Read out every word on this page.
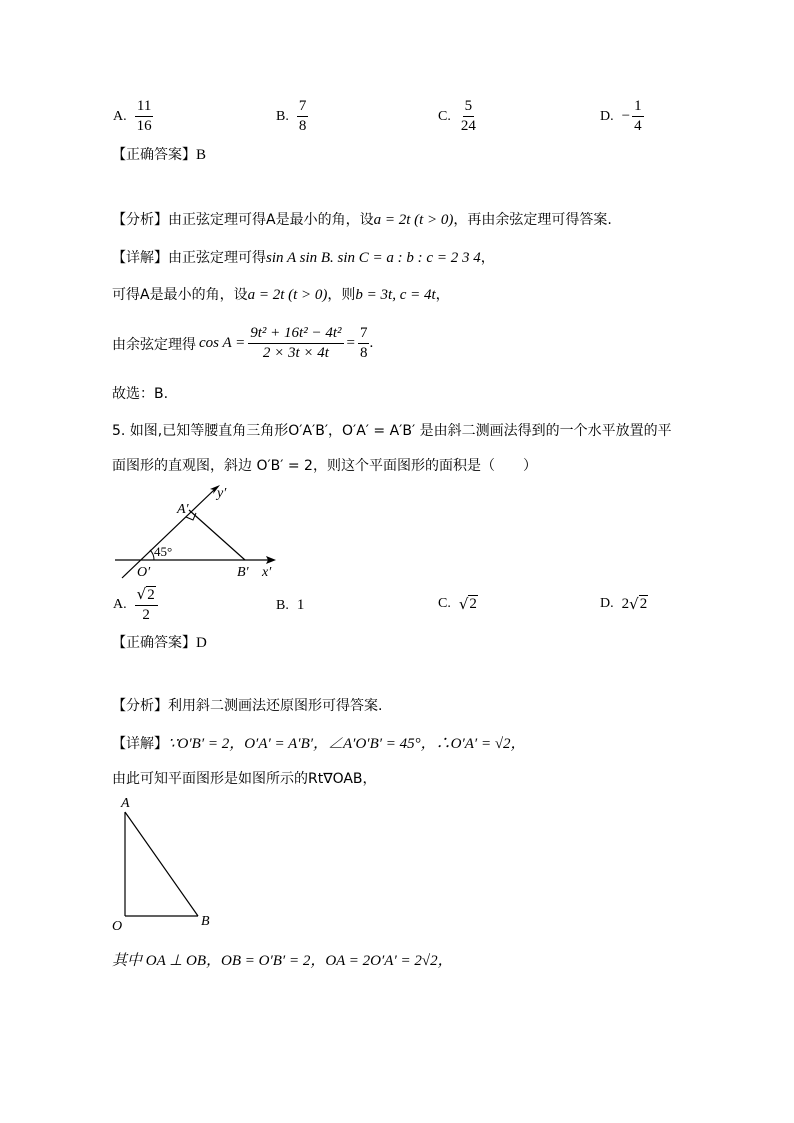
A. $\frac{11}{16}$	B. $\frac{7}{8}$	C. $\frac{5}{24}$	D. − $\frac{1}{4}$
【正确答案】B
【分析】由正弦定理可得A是最小的角，设a = 2t (t > 0)，再由余弦定理可得答案.
【详解】由正弦定理可得sin A sin B. sin C = a : b : c = 2 3 4，
可得A是最小的角，设a = 2t (t > 0)，则b = 3t, c = 4t，
由余弦定理得 $\cos A = \frac{\text{9t² + 16t² − 4t²}}{2 \times 3t \times 4t} = \frac{7}{8}$ .
故选：B.
5. 如图,已知等腰直角三角形O′A′B′，O′A′ = A′B′ 是由斜二测画法得到的一个水平放置的平
面图形的直观图，斜边 O′B′ = 2，则这个平面图形的面积是（　　）
y′
A′
45°
O′	B′ x′
A. $\frac{√ 2}{2}$	B. 1	C. √ 2	D. 2 √ 2
【正确答案】D
【分析】利用斜二测画法还原图形可得答案.
【详解】∵O′B′ = 2，O′A′ = A′B′，∠A′O′B′ = 45°，∴O′A′ = √2，
由此可知平面图形是如图所示的Rt∇OAB，
A
O	B
其中 OA ⊥ OB，OB = O′B′ = 2，OA = 2O′A′ = 2√2，
